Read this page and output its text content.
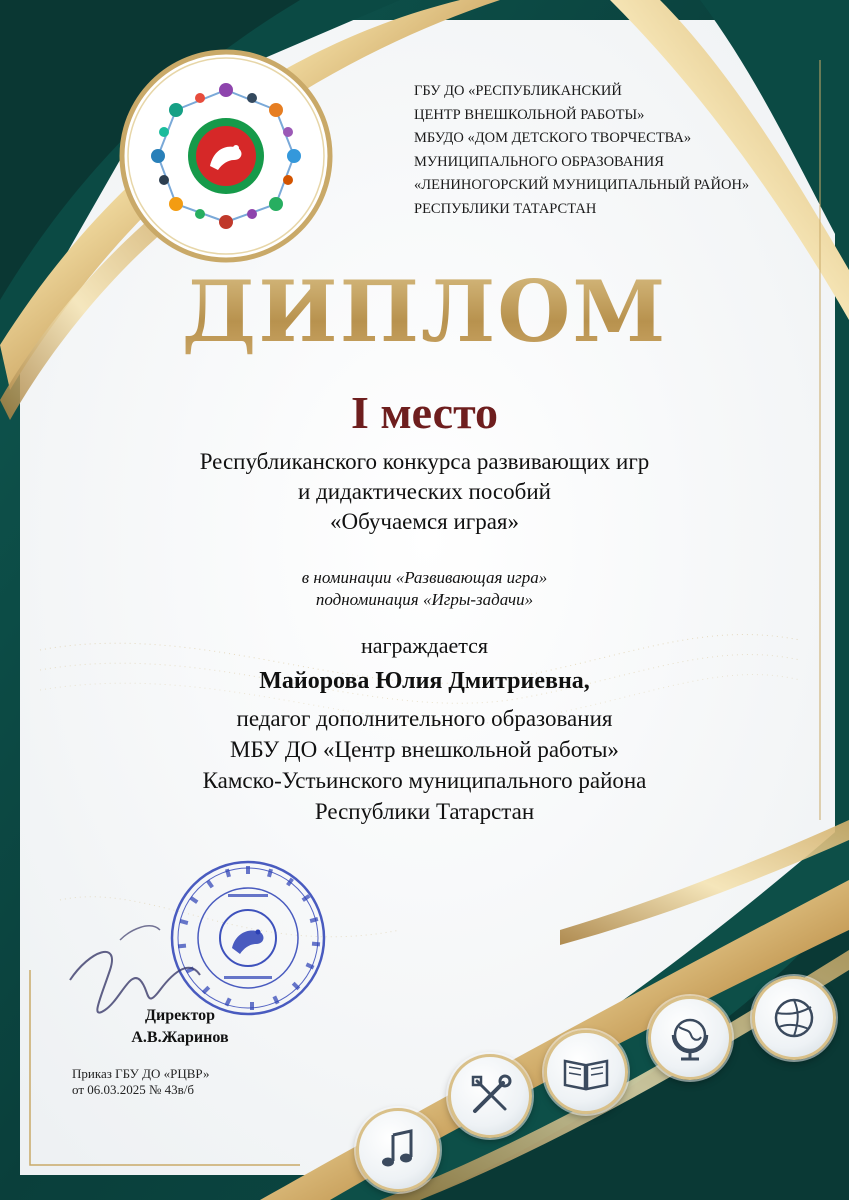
ГБУ ДО «РЕСПУБЛИКАНСКИЙ
ЦЕНТР ВНЕШКОЛЬНОЙ РАБОТЫ»
МБУДО «ДОМ ДЕТСКОГО ТВОРЧЕСТВА»
МУНИЦИПАЛЬНОГО ОБРАЗОВАНИЯ
«ЛЕНИНОГОРСКИЙ МУНИЦИПАЛЬНЫЙ РАЙОН»
РЕСПУБЛИКИ ТАТАРСТАН
ДИПЛОМ
I место
Республиканского конкурса развивающих игр
и дидактических пособий
«Обучаемся играя»
в номинации «Развивающая игра»
подноминация «Игры-задачи»
награждается
Майорова Юлия Дмитриевна,
педагог дополнительного образования
МБУ ДО «Центр внешкольной работы»
Камско-Устьинского муниципального района
Республики Татарстан
Директор
А.В.Жаринов
Приказ ГБУ ДО «РЦВР»
от 06.03.2025 № 43в/б
